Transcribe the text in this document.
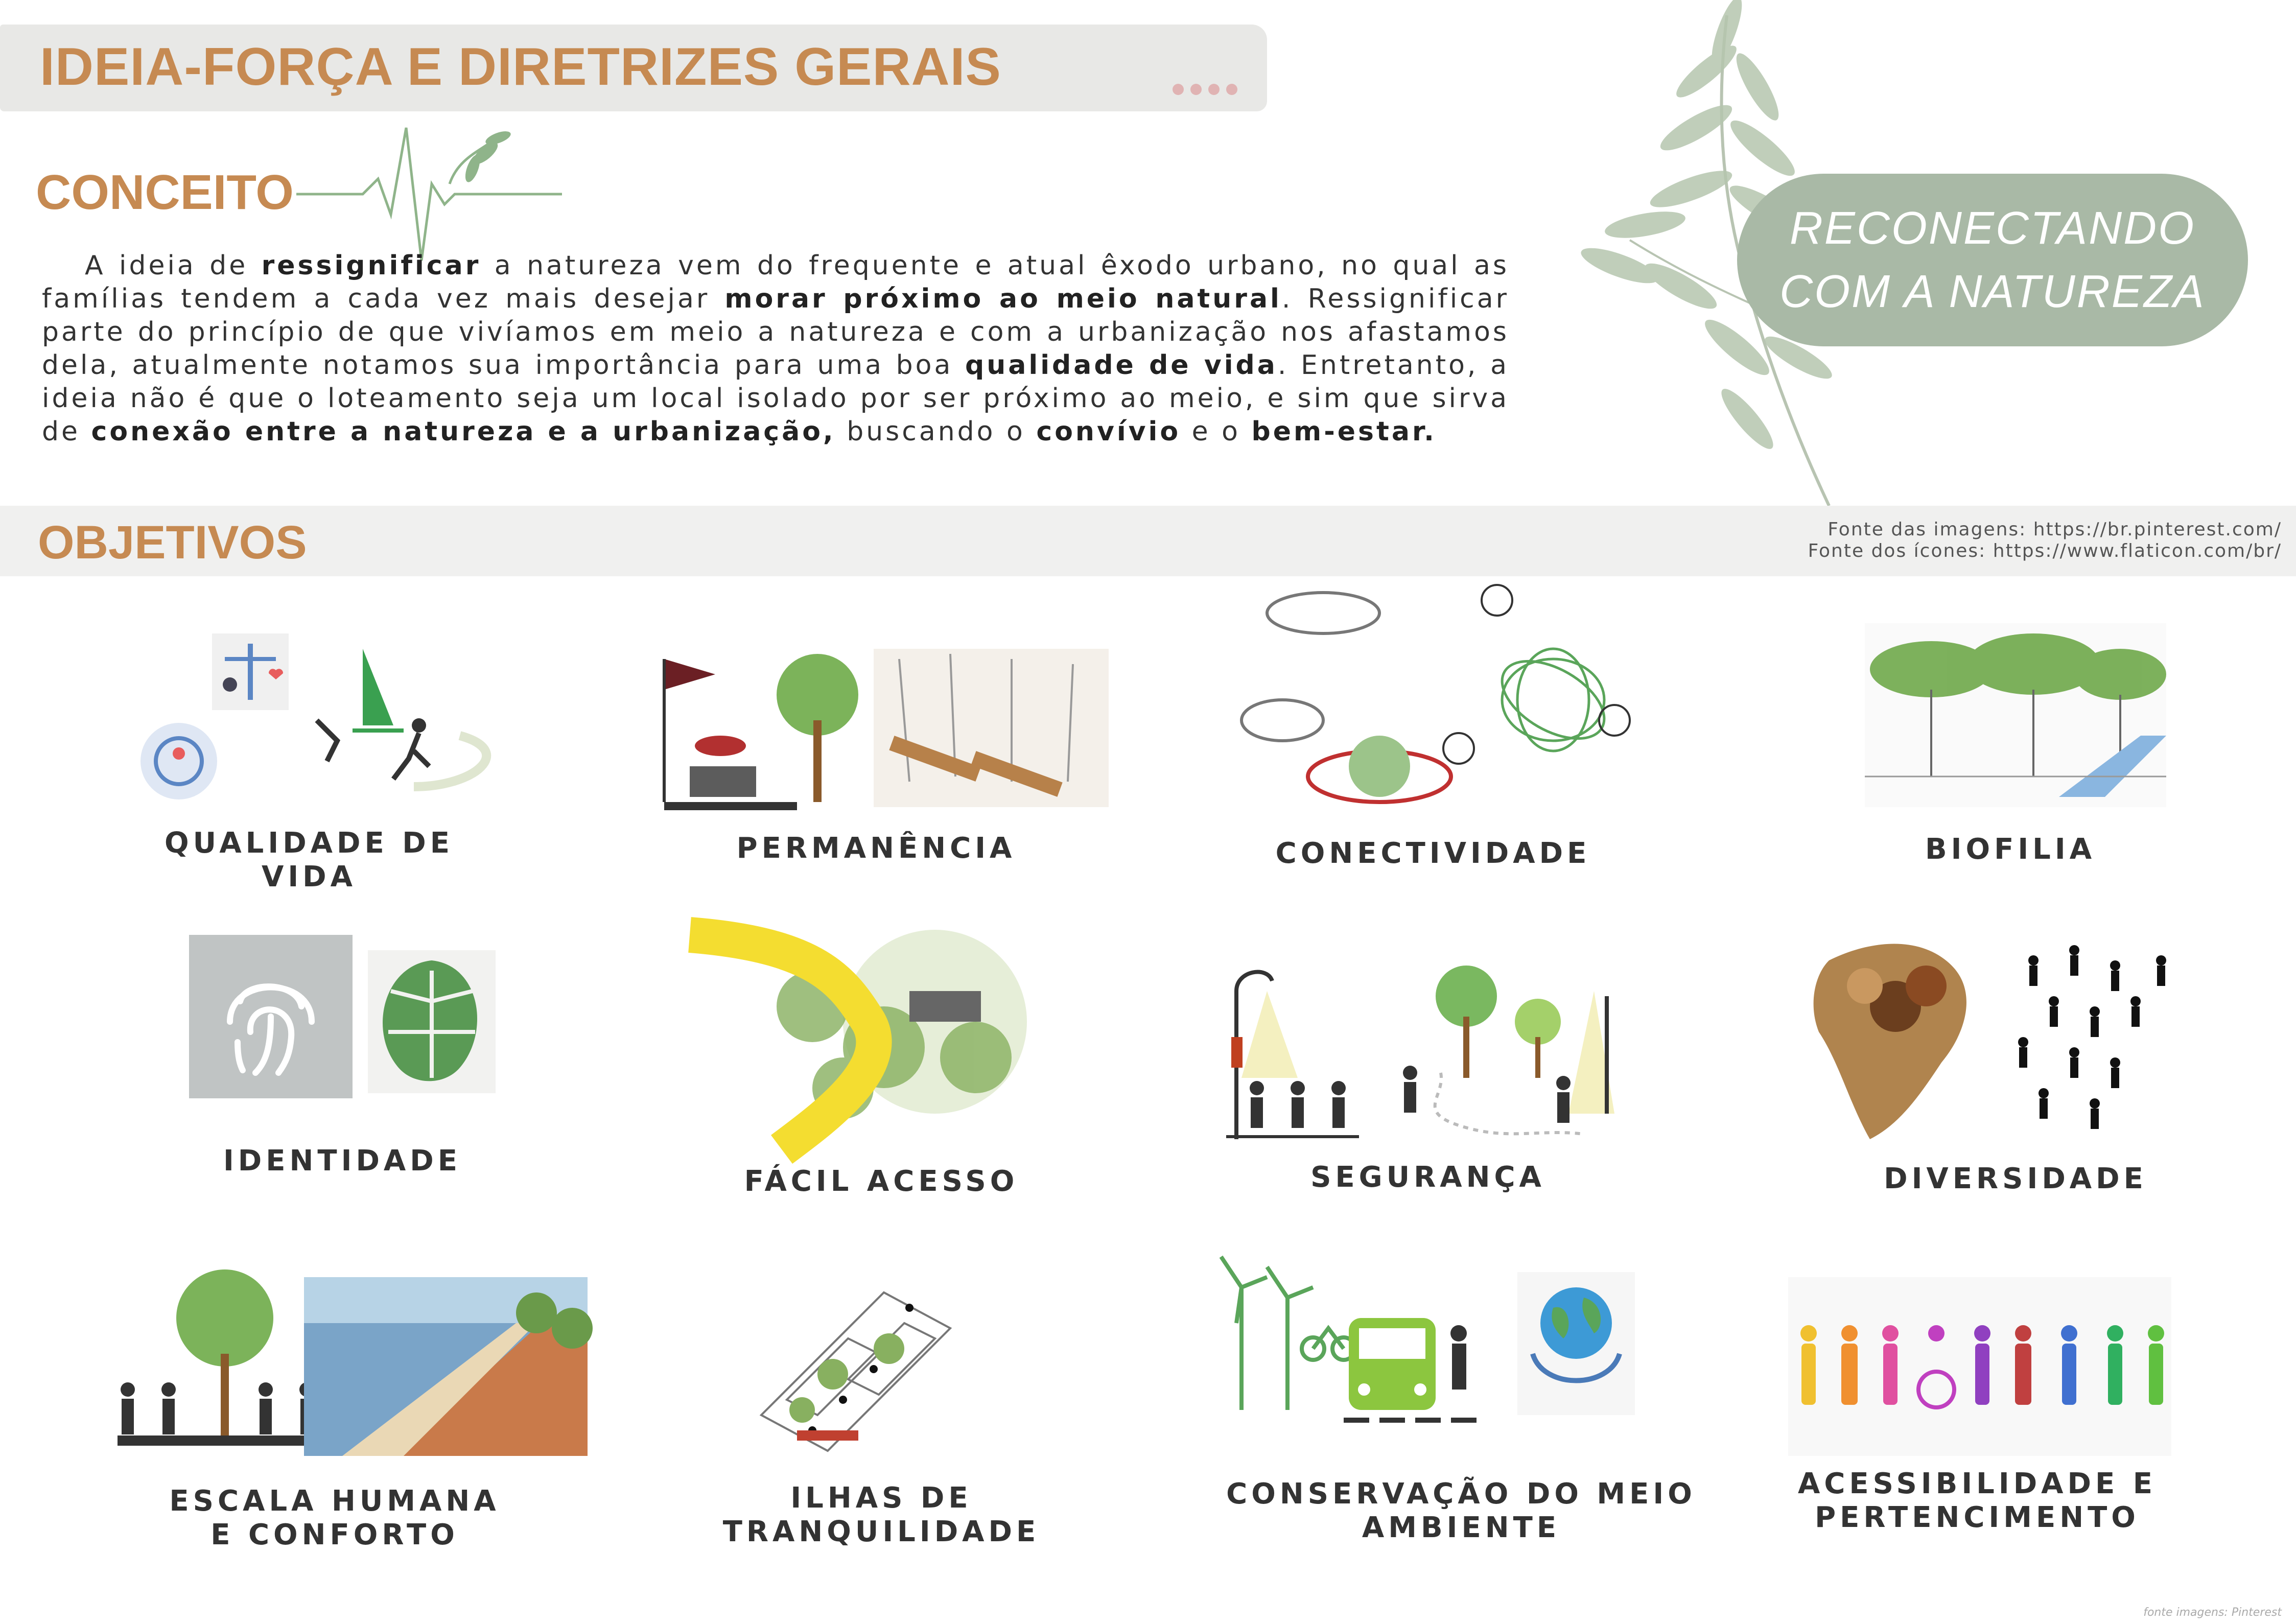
IDEIA-FORÇA E DIRETRIZES GERAIS
CONCEITO
A ideia de ressignificar a natureza vem do frequente e atual êxodo urbano, no qual as famílias tendem a cada vez mais desejar morar próximo ao meio natural. Ressignificar parte do princípio de que vivíamos em meio a natureza e com a urbanização nos afastamos dela, atualmente notamos sua importância para uma boa qualidade de vida. Entretanto, a ideia não é que o loteamento seja um local isolado por ser próximo ao meio, e sim que sirva de conexão entre a natureza e a urbanização, buscando o convívio e o bem-estar.
RECONECTANDO
COM A NATUREZA
OBJETIVOS	Fonte das imagens: https://br.pinterest.com/
Fonte dos ícones: https://www.flaticon.com/br/
QUALIDADE DE VIDA
PERMANÊNCIA	CONECTIVIDADE	BIOFILIA
IDENTIDADE
FÁCIL ACESSO	SEGURANÇA	DIVERSIDADE
ESCALA HUMANA
E CONFORTO
ILHAS DE
TRANQUILIDADE
CONSERVAÇÃO DO MEIO
AMBIENTE
ACESSIBILIDADE E
PERTENCIMENTO
fonte imagens: Pinterest
